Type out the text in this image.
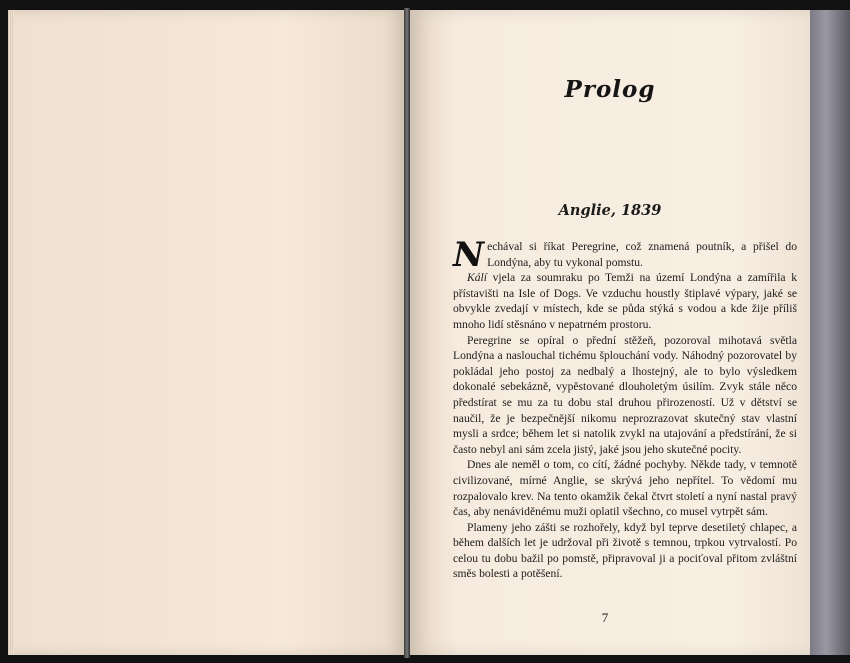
Prolog
Anglie, 1839

Nechával si říkat Peregrine, což znamená poutník, a přišel do Londýna, aby tu vykonal pomstu.

Kálí vjela za soumraku po Temži na území Londýna a zamířila k přístavišti na Isle of Dogs. Ve vzduchu houstly štiplavé výpary, jaké se obvykle zvedají v místech, kde se půda stýká s vodou a kde žije příliš mnoho lidí stěsnáno v nepatrném prostoru.

Peregrine se opíral o přední stěžeň, pozoroval mihotavá světla Londýna a naslouchal tichému šplouchání vody. Náhodný pozorovatel by pokládal jeho postoj za nedbalý a lhostejný, ale to bylo výsledkem dokonalé sebekázně, vypěstované dlouholetým úsilím. Zvyk stále něco předstírat se mu za tu dobu stal druhou přirozeností. Už v dětství se naučil, že je bezpečnější nikomu neprozrazovat skutečný stav vlastní mysli a srdce; během let si natolik zvykl na utajování a předstírání, že si často nebyl ani sám zcela jistý, jaké jsou jeho skutečné pocity.

Dnes ale neměl o tom, co cítí, žádné pochyby. Někde tady, v temnotě civilizované, mírné Anglie, se skrývá jeho nepřítel. To vědomí mu rozpalovalo krev. Na tento okamžik čekal čtvrt století a nyní nastal pravý čas, aby nenáviděnému muži oplatil všechno, co musel vytrpět sám.

Plameny jeho zášti se rozhořely, když byl teprve desetiletý chlapec, a během dalších let je udržoval při životě s temnou, trpkou vytrvalostí. Po celou tu dobu bažil po pomstě, připravoval ji a pociťoval přitom zvláštní směs bolesti a potěšení.

7
